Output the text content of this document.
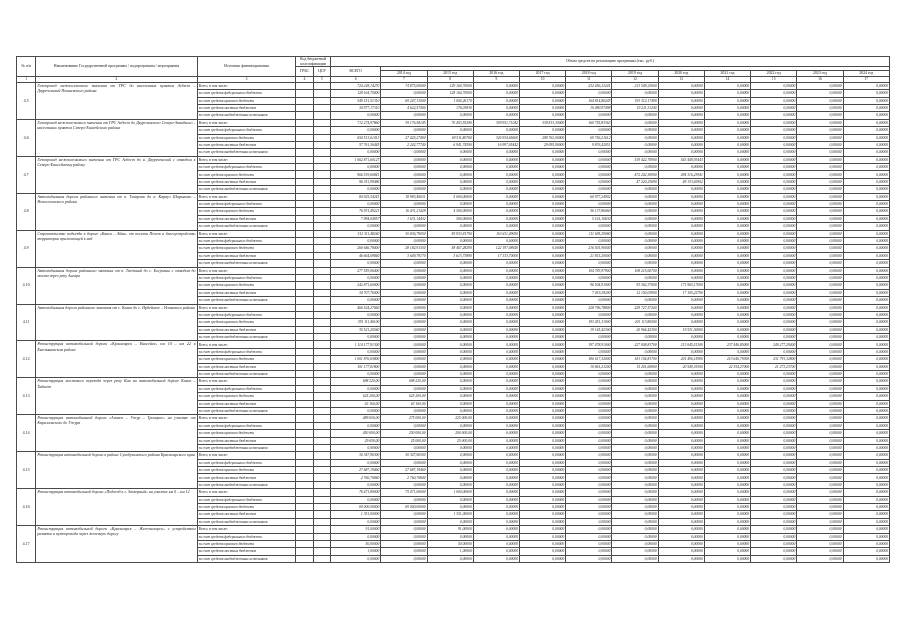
№ п/п	Наименование Государственной программы / подпрограммы / мероприятия	Источник финансирования	Код бюджетной классификации		Объем средств на реализацию программы (тыс. руб.)											
			ГРБС	ЦСР	ВСЕГО											
						2014 год	2015 год	2016 год	2017 год	2018 год	2019 год	2020 год	2021 год	2022 год	2023 год	2024 год
1	2	3	4	5	6	7	8	9	10	11	12	13	14	15	16	17
4.5	Газопровод межпоселкового значения от ГРС до населенных пунктов Асбест – Двуреченский Пешневского района	Всего, в том числе:			724 228,14270	74 875,00000	129 164,70000	0,00000	0,00000	232 456,23241	213 549,23000	0,00000	0,00000	0,00000	0,00000	0,00000
		за счет средств федерального бюджета			128 164,70000	0,00000	128 164,70000	0,00000	0,00000	0,00000	0,00000	0,00000	0,00000	0,00000	0,00000	0,00000
		за счет средств краевого бюджета			549 151,51310	69 247,13000	1 004,26170	0,00000	0,00000	164 814,86245	193 312,17490	0,00000	0,00000	0,00000	0,00000	0,00000
		за счет средств местных бюджетов			34 977,17310	4 622,57400	176,03830	0,00000	0,00000	10 480,97498	19 211,31240	0,00000	0,00000	0,00000	0,00000	0,00000
		за счет средств внебюджетных источников			0,00000	0,00000	0,00000	0,00000	0,00000	0,00000	0,00000	0,00000	0,00000	0,00000	0,00000	0,00000
4.6	Газопровод межпоселкового значения от ГРС Асбест до Двуреченского Северо-Западного – населенных пунктов Северо-Енисейского района	Всего, в том числе:			712 274,97860	39 176,58145	76 453,55290	359 931,71042	339 813,30000	160 755,83363	0,00000	0,00000	0,00000	0,00000	0,00000	0,00000
		за счет средств федерального бюджета			0,00000	0,00000	0,00000	0,00000	0,00000	0,00000	0,00000	0,00000	0,00000	0,00000	0,00000	0,00000
		за счет средств краевого бюджета			654 513,61413	27 425,27400	69 511,80700	326 934,65600	298 762,00000	69 756,21612	0,00000	0,00000	0,00000	0,00000	0,00000	0,00000
		за счет средств местных бюджетов			57 761,36445	2 242,77740	6 941,74590	16 997,05442	29 095,90000	9 876,42051	0,00000	0,00000	0,00000	0,00000	0,00000	0,00000
		за счет средств внебюджетных источников			0,00000	0,00000	0,00000	0,00000	0,00000	0,00000	0,00000	0,00000	0,00000	0,00000	0,00000	0,00000
4.7	Газопровод межпоселкового значения от ГРС Асбест до н. Двуреченский с отводом к Северо-Енисейскому району	Всего, в том числе:			1 062 871,60127	0,00000	0,00000	0,00000	0,00000	0,00000	519 422,70900	543 449,93443	0,00000	0,00000	0,00000	0,00000
		за счет средств федерального бюджета			0,00000	0,00000	0,00000	0,00000	0,00000	0,00000	0,00000	0,00000	0,00000	0,00000	0,00000	0,00000
		за счет средств краевого бюджета			966 519,60841	0,00000	0,00000	0,00000	0,00000	0,00000	472 202,36900	494 316,23941	0,00000	0,00000	0,00000	0,00000
		за счет средств местных бюджетов			96 351,99486	0,00000	0,00000	0,00000	0,00000	0,00000	47 220,23690	49 133,69502	0,00000	0,00000	0,00000	0,00000
		за счет средств внебюджетных источников			0,00000	0,00000	0,00000	0,00000	0,00000	0,00000	0,00000	0,00000	0,00000	0,00000	0,00000	0,00000
4.8	Автомобильная дорога районного значения от п. Тагарчик до п. Караул Шарыпово – Новоселовского района	Всего, в том числе:			84 925,54241	18 983,40631	5 000,00000	0,00000	0,00000	60 977,24902	0,00000	0,00000	0,00000	0,00000	0,00000	0,00000
		за счет средств федерального бюджета			0,00000	0,00000	0,00000	0,00000	0,00000	0,00000	0,00000	0,00000	0,00000	0,00000	0,00000	0,00000
		за счет средств краевого бюджета			76 931,49221	16 431,21428	4 500,00000	0,00000	0,00000	56 137,86060	0,00000	0,00000	0,00000	0,00000	0,00000	0,00000
		за счет средств местных бюджетов			7 994,04957	1 631,14432	500,00000	0,00000	0,00000	5 161,10630	0,00000	0,00000	0,00000	0,00000	0,00000	0,00000
		за счет средств внебюджетных источников			0,00000	0,00000	0,00000	0,00000	0,00000	0,00000	0,00000	0,00000	0,00000	0,00000	0,00000	0,00000
4.9	Строительство подъезда к дороге «Канск – Абан» от поселка Почет и благоустройство территории прилегающей к ней	Всего, в том числе:			312 311,48240	30 836,79050	59 933,81790	110 631,49050	0,00000	111 695,29080	0,00000	0,00000	0,00000	0,00000	0,00000	0,00000
		за счет средств федерального бюджета			0,00000	0,00000	0,00000	0,00000	0,00000	0,00000	0,00000	0,00000	0,00000	0,00000	0,00000	0,00000
		за счет средств краевого бюджета			260 646,78400	28 182,91350	58 467,28290	122 197,08920	0,00000	216 501,90000	0,00000	0,00000	0,00000	0,00000	0,00000	0,00000
		за счет средств местных бюджетов			46 664,69840	3 649,79170	3 613,73890	17 133,70000	0,00000	21 815,20000	0,00000	0,00000	0,00000	0,00000	0,00000	0,00000
		за счет средств внебюджетных источников			0,00000	0,00000	0,00000	0,00000	0,00000	0,00000	0,00000	0,00000	0,00000	0,00000	0,00000	0,00000
4.10	Автомобильная дорога районного значения от п. Таежный до с. Богучаны с отводом до моста через реку Ангара	Всего, в том числе:			277 559,06400	0,00000	0,00000	0,00000	0,00000	104 783,97900	108 215,60700	0,00000	0,00000	0,00000	0,00000	0,00000
		за счет средств федерального бюджета			0,00000	0,00000	0,00000	0,00000	0,00000	0,00000	0,00000	0,00000	0,00000	0,00000	0,00000	0,00000
		за счет средств краевого бюджета			242 871,60000	0,00000	0,00000	0,00000	0,00000	96 504,91000	93 362,37000	171 965,17000	0,00000	0,00000	0,00000	0,00000
		за счет средств местных бюджетов			34 707,76000	0,00000	0,00000	0,00000	0,00000	7 419,29200	12 150,03900	17 105,22700	0,00000	0,00000	0,00000	0,00000
		за счет средств внебюджетных источников			0,00000	0,00000	0,00000	0,00000	0,00000	0,00000	0,00000	0,00000	0,00000	0,00000	0,00000	0,00000
4.11	Автомобильная дорога районного значения от с. Канск до с. Ирбейское – Иланского района	Всего, в том числе:			466 524,27060	0,00000	0,00000	0,00000	0,00000	228 796,78800	229 727,57200	0,00000	0,00000	0,00000	0,00000	0,00000
		за счет средств федерального бюджета			0,00000	0,00000	0,00000	0,00000	0,00000	0,00000	0,00000	0,00000	0,00000	0,00000	0,00000	0,00000
		за счет средств краевого бюджета			391 111,46100	0,00000	0,00000	0,00000	0,00000	193 451,31000	201 113,86500	0,00000	0,00000	0,00000	0,00000	0,00000
		за счет средств местных бюджетов			35 521,20540	0,00000	0,00000	0,00000	0,00000	19 145,42300	20 964,42300	19 531,36900	0,00000	0,00000	0,00000	0,00000
		за счет средств внебюджетных источников			0,00000	0,00000	0,00000	0,00000	0,00000	0,00000	0,00000	0,00000	0,00000	0,00000	0,00000	0,00000
4.12	Реконструкция автомобильной дороги «Красноярск – Енисейск» км 10 – км 22 в Емельяновском районе	Всего, в том числе:			1 114 177,91300	0,00000	0,00000	0,00000	0,00000	197 478,91000	227 058,81700	213 045,51300	237 446,85000	240 277,29400	0,00000	0,00000
		за счет средств федерального бюджета			0,00000	0,00000	0,00000	0,00000	0,00000	0,00000	0,00000	0,00000	0,00000	0,00000	0,00000	0,00000
		за счет средств краевого бюджета			1 001 876,65800	0,00000	0,00000	0,00000	0,00000	186 617,32000	181 154,81700	201 496,15900	213 640,79300	231 791,32800	0,00000	0,00000
		за счет средств местных бюджетов			101 177,81800	0,00000	0,00000	0,00000	0,00000	10 861,21200	15 201,60800	20 549,35300	22 354,27000	21 273,23700	0,00000	0,00000
		за счет средств внебюджетных источников			0,00000	0,00000	0,00000	0,00000	0,00000	0,00000	0,00000	0,00000	0,00000	0,00000	0,00000	0,00000
4.13	Реконструкция мостового перехода через реку Кан на автомобильной дороге Канск – Тайшет	Всего, в том числе:			698 220,00	698 220,00	0,00000	0,00000	0,00000	0,00000	0,00000	0,00000	0,00000	0,00000	0,00000	0,00000
		за счет средств федерального бюджета			0,00000	0,00000	0,00000	0,00000	0,00000	0,00000	0,00000	0,00000	0,00000	0,00000	0,00000	0,00000
		за счет средств краевого бюджета			625 200,00	625 200,00	0,00000	0,00000	0,00000	0,00000	0,00000	0,00000	0,00000	0,00000	0,00000	0,00000
		за счет средств местных бюджетов			63 160,00	63 160,00	0,00000	0,00000	0,00000	0,00000	0,00000	0,00000	0,00000	0,00000	0,00000	0,00000
		за счет средств внебюджетных источников			0,00000	0,00000	0,00000	0,00000	0,00000	0,00000	0,00000	0,00000	0,00000	0,00000	0,00000	0,00000
4.14	Реконструкция автомобильной дороги «Ачинск – Ужур – Троицкое» на участке от Кирилловского до Ужура	Всего, в том числе:			489 650,00	275 000,00	225 000,00	0,00000	0,00000	0,00000	0,00000	0,00000	0,00000	0,00000	0,00000	0,00000
		за счет средств федерального бюджета			0,00000	0,00000	0,00000	0,00000	0,00000	0,00000	0,00000	0,00000	0,00000	0,00000	0,00000	0,00000
		за счет средств краевого бюджета			450 000,00	250 000,00	200 000,00	0,00000	0,00000	0,00000	0,00000	0,00000	0,00000	0,00000	0,00000	0,00000
		за счет средств местных бюджетов			29 650,00	25 000,00	25 000,00	0,00000	0,00000	0,00000	0,00000	0,00000	0,00000	0,00000	0,00000	0,00000
		за счет средств внебюджетных источников			0,00000	0,00000	0,00000	0,00000	0,00000	0,00000	0,00000	0,00000	0,00000	0,00000	0,00000	0,00000
4.15	Реконструкция автомобильной дороги в районе Сухобузимского района Красноярского края	Всего, в том числе:			30 347,96300	30 347,96300	0,00000	0,00000	0,00000	0,00000	0,00000	0,00000	0,00000	0,00000	0,00000	0,00000
		за счет средств федерального бюджета			0,00000	0,00000	0,00000	0,00000	0,00000	0,00000	0,00000	0,00000	0,00000	0,00000	0,00000	0,00000
		за счет средств краевого бюджета			27 687,19460	27 687,19460	0,00000	0,00000	0,00000	0,00000	0,00000	0,00000	0,00000	0,00000	0,00000	0,00000
		за счет средств местных бюджетов			2 760,76840	2 760,76840	0,00000	0,00000	0,00000	0,00000	0,00000	0,00000	0,00000	0,00000	0,00000	0,00000
		за счет средств внебюджетных источников			0,00000	0,00000	0,00000	0,00000	0,00000	0,00000	0,00000	0,00000	0,00000	0,00000	0,00000	0,00000
4.16	Реконструкция автомобильной дороги «Подъезд к г. Заозерный» на участке км 0 – км 12	Всего, в том числе:			76 471,80000	75 471,00000	1 000,00000	0,00000	0,00000	0,00000	0,00000	0,00000	0,00000	0,00000	0,00000	0,00000
		за счет средств федерального бюджета			0,00000	0,00000	0,00000	0,00000	0,00000	0,00000	0,00000	0,00000	0,00000	0,00000	0,00000	0,00000
		за счет средств краевого бюджета			69 000,00000	69 000,00000	0,00000	0,00000	0,00000	0,00000	0,00000	0,00000	0,00000	0,00000	0,00000	0,00000
		за счет средств местных бюджетов			1 351,00000	0,00000	1 351,00000	0,00000	0,00000	0,00000	0,00000	0,00000	0,00000	0,00000	0,00000	0,00000
		за счет средств внебюджетных источников			0,00000	0,00000	0,00000	0,00000	0,00000	0,00000	0,00000	0,00000	0,00000	0,00000	0,00000	0,00000
4.17	Реконструкция автомобильной дороги «Красноярск – Железногорск» с устройством развязки и путепровода через железную дорогу	Всего, в том числе:			91,00000	0,00000	91,00000	0,00000	0,00000	0,00000	0,00000	0,00000	0,00000	0,00000	0,00000	0,00000
		за счет средств федерального бюджета			0,00000	0,00000	0,00000	0,00000	0,00000	0,00000	0,00000	0,00000	0,00000	0,00000	0,00000	0,00000
		за счет средств краевого бюджета			50,00000	0,00000	50,00000	0,00000	0,00000	0,00000	0,00000	0,00000	0,00000	0,00000	0,00000	0,00000
		за счет средств местных бюджетов			1,00000	0,00000	1,00000	0,00000	0,00000	0,00000	0,00000	0,00000	0,00000	0,00000	0,00000	0,00000
		за счет средств внебюджетных источников			0,00000	0,00000	0,00000	0,00000	0,00000	0,00000	0,00000	0,00000	0,00000	0,00000	0,00000	0,00000
